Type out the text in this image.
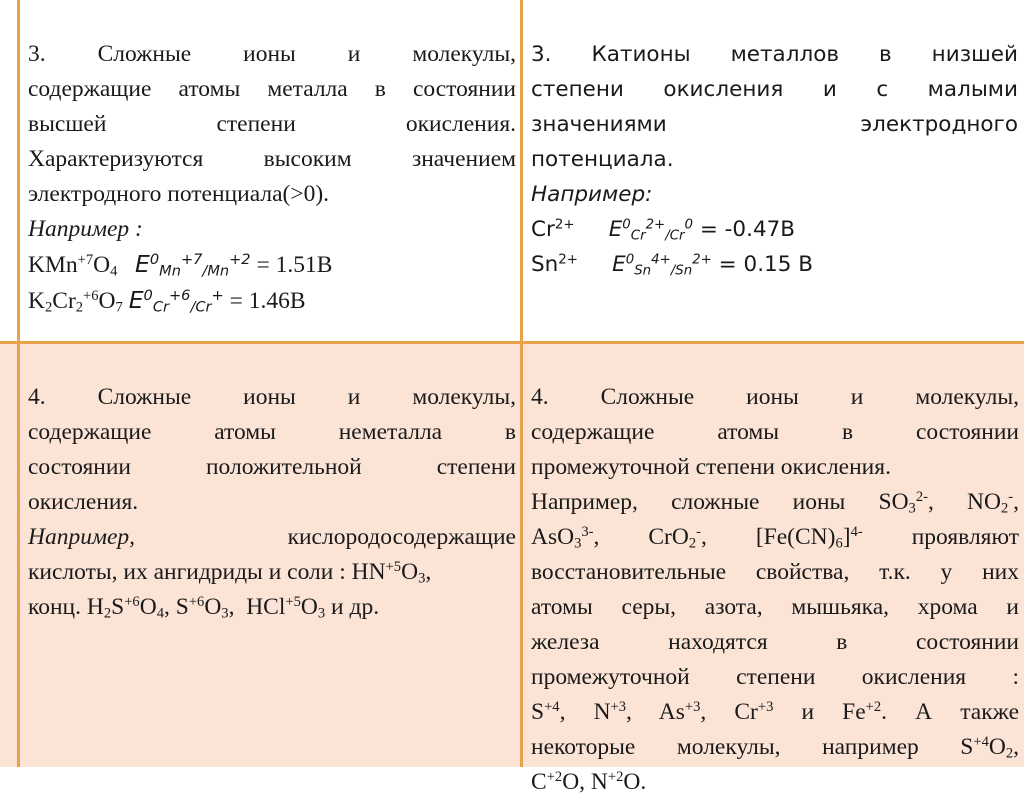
3. Сложные ионы и молекулы,
содержащие атомы металла в состоянии
высшей степени окисления.
Характеризуются высоким значением
электродного потенциала(>0).
Например :
$KMn^{+7}O_4$ $E^0_{Mn}^{+7}_{/Mn}^{+2} = 1.51В$
$K_2Cr_2^{+6}O_7$ $E^0_{Cr}^{+6}_{/Cr}^+ = 1.46В$
3. Катионы металлов в низшей
степени окисления и с малыми
значениями электродного
потенциала.
Например:
$Cr^{2+}$ $E^0_{Cr}^{2+}_{/Cr}^0 = -0.47В$
$Sn^{2+}$ $E^0_{Sn}^{4+}_{/Sn}^{2+} = 0.15$ В
4. Сложные ионы и молекулы,
содержащие атомы неметалла в
состоянии положительной степени
окисления.
Например,	кислородосодержащие
кислоты, их ангидриды и соли : $HN^{+5}O_3$,
конц. $H_2S^{+6}O_4$, $S^{+6}O_3$,  $HCl^{+5}O_3$ и др.
4. Сложные ионы и молекулы,
содержащие атомы в состоянии
промежуточной степени окисления.
Например, сложные ионы $SO_3^{2-}$, $NO_2^-$,
AsO$_3^{3-}$, CrO$_2$-, $[Fe(CN)_6]^{4-}$ проявляют
восстановительные свойства, т.к. у них
атомы серы, азота, мышьяка, хрома и
железа находятся в состоянии
промежуточной степени окисления :
$S^{+4}$, $N^{+3}$, $As^{+3}$, $Cr^{+3}$ и $Fe^{+2}$. А также
некоторые молекулы, например $S^{+4}O_2$,
$C^{+2}O$, $N^{+2}O$.
